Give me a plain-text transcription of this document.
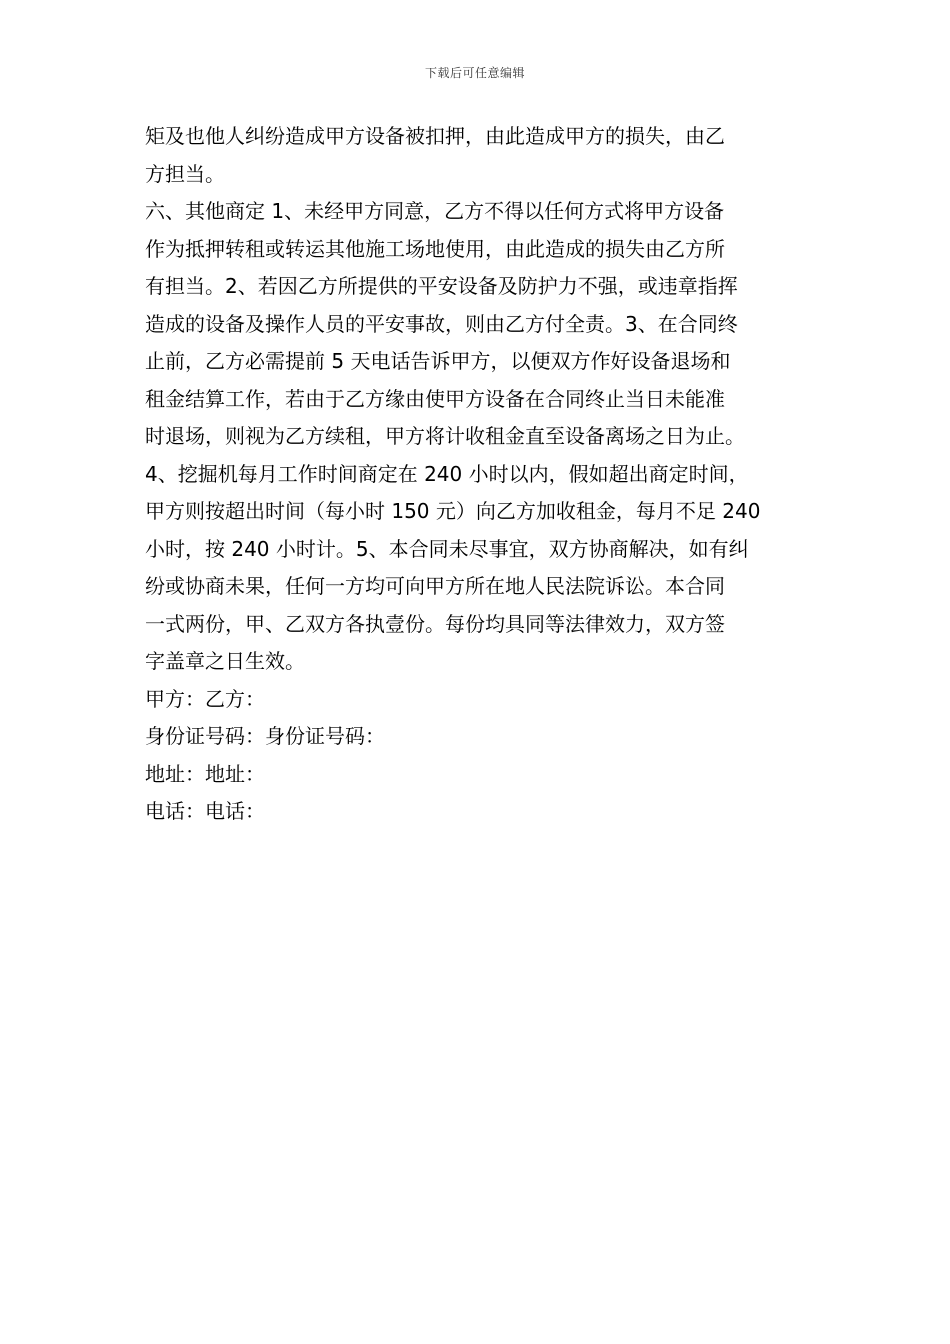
下载后可任意编辑
矩及也他人纠纷造成甲方设备被扣押，由此造成甲方的损失，由乙
方担当。
六、其他商定 1、未经甲方同意，乙方不得以任何方式将甲方设备
作为抵押转租或转运其他施工场地使用，由此造成的损失由乙方所
有担当。2、若因乙方所提供的平安设备及防护力不强，或违章指挥
造成的设备及操作人员的平安事故，则由乙方付全责。3、在合同终
止前，乙方必需提前 5 天电话告诉甲方，以便双方作好设备退场和
租金结算工作，若由于乙方缘由使甲方设备在合同终止当日未能准
时退场，则视为乙方续租，甲方将计收租金直至设备离场之日为止。
4、挖掘机每月工作时间商定在 240 小时以内，假如超出商定时间，
甲方则按超出时间（每小时 150 元）向乙方加收租金，每月不足 240
小时，按 240 小时计。5、本合同未尽事宜，双方协商解决，如有纠
纷或协商未果，任何一方均可向甲方所在地人民法院诉讼。本合同
一式两份，甲、乙双方各执壹份。每份均具同等法律效力，双方签
字盖章之日生效。
甲方：乙方：
身份证号码：身份证号码：
地址：地址：
电话：电话：
